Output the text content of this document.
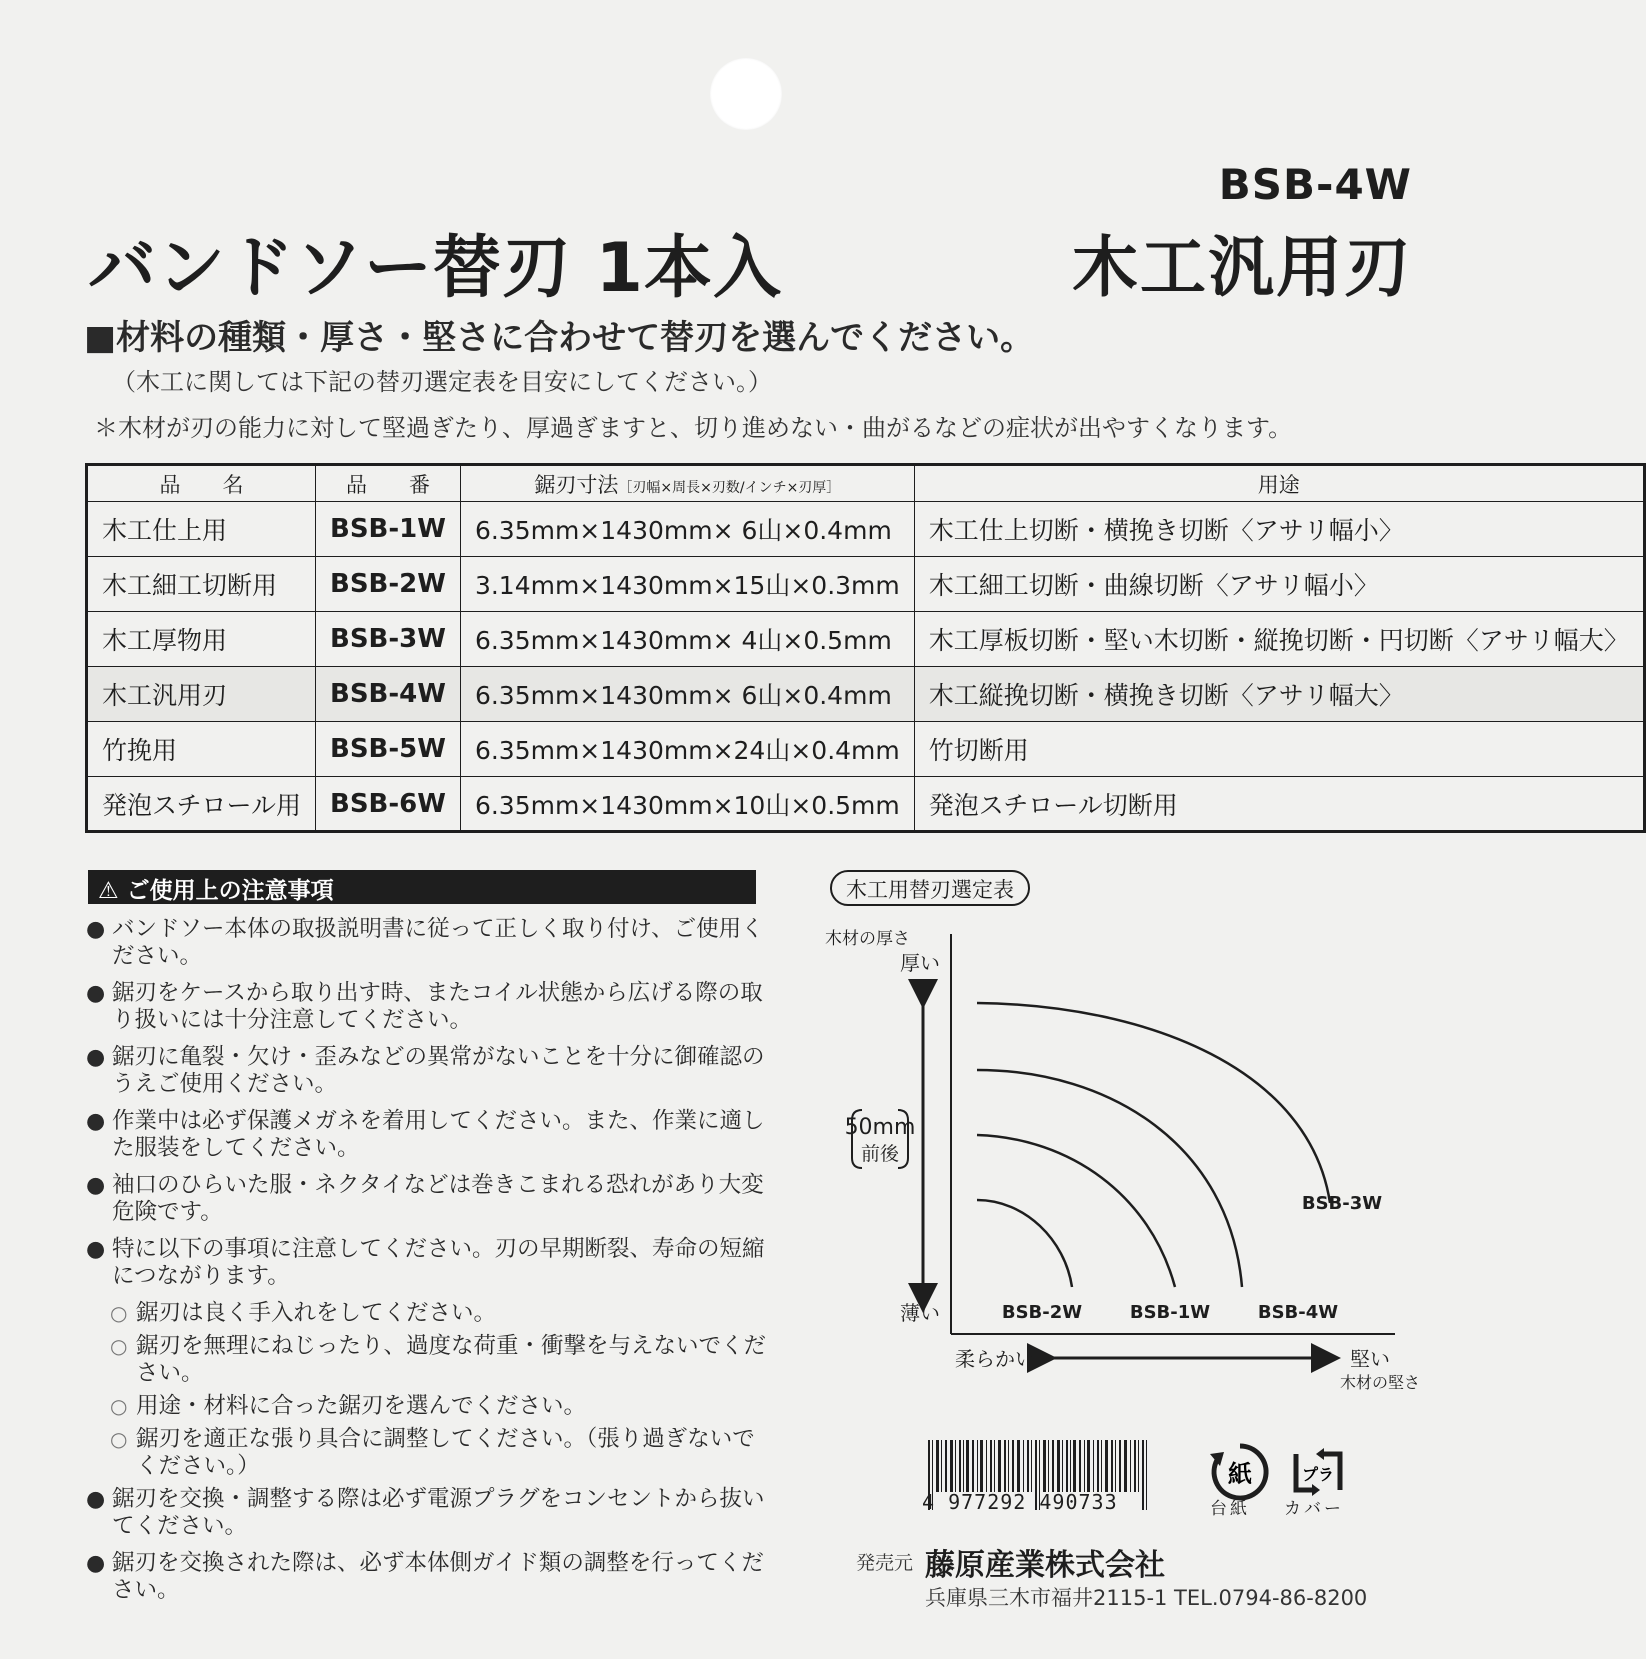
BSB-4W
バンドソー替刃 1本入	木工汎用刃
■材料の種類・厚さ・堅さに合わせて替刃を選んでください。
（木工に関しては下記の替刃選定表を目安にしてください。）
＊木材が刃の能力に対して堅過ぎたり、厚過ぎますと、切り進めない・曲がるなどの症状が出やすくなります。
品　　名	品　　番	鋸刃寸法［刃幅×周長×刃数/インチ×刃厚］	用途
木工仕上用	BSB-1W	6.35mm×1430mm× 6山×0.4mm	木工仕上切断・横挽き切断〈アサリ幅小〉
木工細工切断用	BSB-2W	3.14mm×1430mm×15山×0.3mm	木工細工切断・曲線切断〈アサリ幅小〉
木工厚物用	BSB-3W	6.35mm×1430mm× 4山×0.5mm	木工厚板切断・堅い木切断・縦挽切断・円切断〈アサリ幅大〉
木工汎用刃	BSB-4W	6.35mm×1430mm× 6山×0.4mm	木工縦挽切断・横挽き切断〈アサリ幅大〉
竹挽用	BSB-5W	6.35mm×1430mm×24山×0.4mm	竹切断用
発泡スチロール用	BSB-6W	6.35mm×1430mm×10山×0.5mm	発泡スチロール切断用
⚠ ご使用上の注意事項
● バンドソー本体の取扱説明書に従って正しく取り付け、ご使用ください。
● 鋸刃をケースから取り出す時、またコイル状態から広げる際の取り扱いには十分注意してください。
● 鋸刃に亀裂・欠け・歪みなどの異常がないことを十分に御確認のうえご使用ください。
● 作業中は必ず保護メガネを着用してください。また、作業に適した服装をしてください。
● 袖口のひらいた服・ネクタイなどは巻きこまれる恐れがあり大変危険です。
● 特に以下の事項に注意してください。刃の早期断裂、寿命の短縮につながります。
○ 鋸刃は良く手入れをしてください。
○ 鋸刃を無理にねじったり、過度な荷重・衝撃を与えないでください。
○ 用途・材料に合った鋸刃を選んでください。
○ 鋸刃を適正な張り具合に調整してください。（張り過ぎないでください。）
● 鋸刃を交換・調整する際は必ず電源プラグをコンセントから抜いてください。
● 鋸刃を交換された際は、必ず本体側ガイド類の調整を行ってください。
木工用替刃選定表
木材の厚さ
厚い
薄い
50mm
前後
柔らかい	堅い
木材の堅さ
BSB-3W
BSB-2W	BSB-1W	BSB-4W
4 977292 490733
紙
台紙
プラ
カバー
発売元 藤原産業株式会社
兵庫県三木市福井2115-1 TEL.0794-86-8200
